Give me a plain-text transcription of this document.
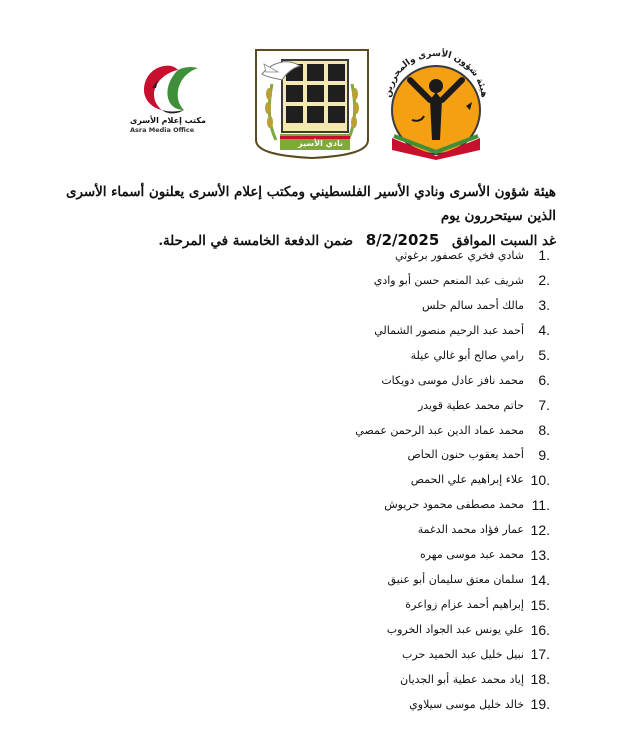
مكتب إعلام الأسرى
Asra Media Office
نادي الأسير
هيئة شؤون الأسرى والمحررين
هيئة شؤون الأسرى ونادي الأسير الفلسطيني ومكتب إعلام الأسرى يعلنون أسماء الأسرى الذين سيتحررون يوم
غد السبت الموافق 8/2/2025 ضمن الدفعة الخامسة في المرحلة.
1.
شادي فخري عصفور برغوثي
2.
شريف عبد المنعم حسن أبو وادي
3.
مالك أحمد سالم حلس
4.
أحمد عبد الرحيم منصور الشمالي
5.
رامي صالح أبو غالي عيلة
6.
محمد نافز عادل موسى دويكات
7.
حاتم محمد عطية قويدر
8.
محمد عماد الدين عبد الرحمن عمصي
9.
أحمد يعقوب حنون الحاص
10.
علاء إبراهيم علي الحمص
11.
محمد مصطفى محمود حريوش
12.
عمار فؤاد محمد الدغمة
13.
محمد عبد موسى مهره
14.
سلمان معتق سليمان أبو عنيق
15.
إبراهيم أحمد عزام زواعرة
16.
علي يونس عبد الجواد الخروب
17.
نبيل خليل عبد الحميد حرب
18.
إياد محمد عطية أبو الجديان
19.
خالد خليل موسى سيلاوي
